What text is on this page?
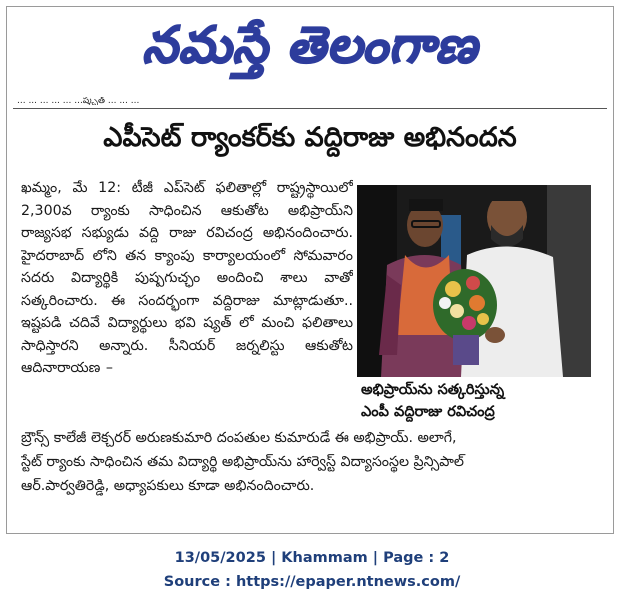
నమస్తే తెలంగాణ
... ... ... ... ... ...ష్కృత్ ... ... ...
ఎపీసెట్ ర్యాంకర్‌కు వద్దిరాజు అభినందన

ఖమ్మం, మే 12: టీజీ ఎప్‌సెట్ ఫలితాల్లో రాష్ట్రస్థాయిలో 2,300వ ర్యాంకు సాధించిన ఆకుతోట అభిప్రాయ్‌ని రాజ్యసభ సభ్యుడు వద్ది రాజు రవిచంద్ర అభినందించారు. హైదరాబాద్ లోని తన క్యాంపు కార్యాలయంలో సోమవారం సదరు విద్యార్థికి పుష్పగుచ్ఛం అందించి శాలు వాతో సత్కరించారు. ఈ సందర్భంగా వద్దిరాజు మాట్లాడుతూ.. ఇష్టపడి చదివే విద్యార్థులు భవి ష్యత్ లో మంచి ఫలితాలు సాధిస్తారని అన్నారు. సీనియర్ జర్నలిస్టు ఆకుతోట ఆదినారాయణ –

అభిప్రాయ్‌ను సత్కరిస్తున్న
ఎంపీ వద్దిరాజు రవిచంద్ర
బ్రౌన్స్ కాలేజీ లెక్చరర్ అరుణకుమారి దంపతుల కుమారుడే ఈ అభిప్రాయ్. అలాగే,
స్టేట్ ర్యాంకు సాధించిన తమ విద్యార్థి అభిప్రాయ్‌ను హార్వెస్ట్ విద్యాసంస్థల ప్రిన్సిపాల్
ఆర్.పార్వతిరెడ్డి, అధ్యాపకులు కూడా అభినందించారు.
13/05/2025 | Khammam | Page : 2
Source : https://epaper.ntnews.com/
